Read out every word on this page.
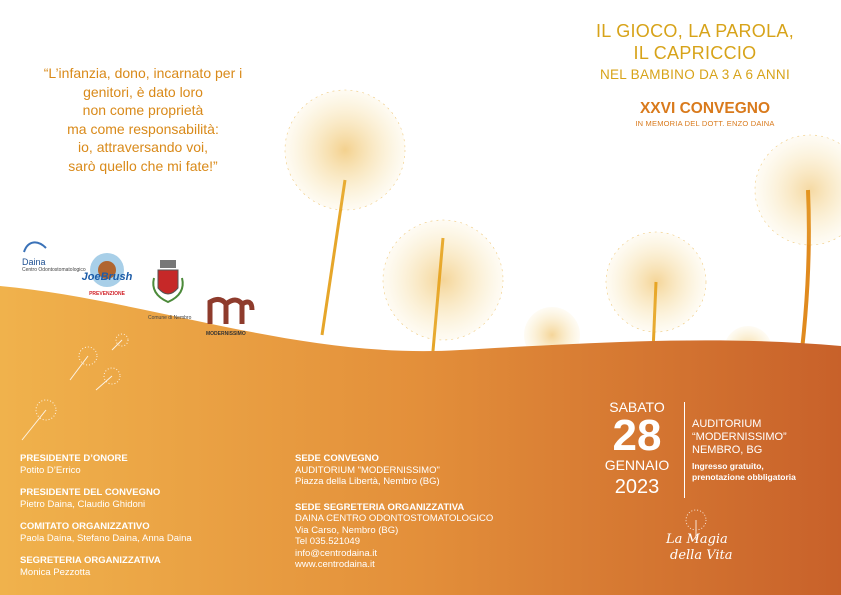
“L’infanzia, dono, incarnato per i
genitori, è dato loro
non come proprietà
ma come responsabilità:
io, attraversando voi,
sarò quello che mi fate!”
IL GIOCO, LA PAROLA,
IL CAPRICCIO
NEL BAMBINO DA 3 A 6 ANNI
XXVI CONVEGNO
IN MEMORIA DEL DOTT. ENZO DAINA
Daina
Centro Odontostomatologico
JoeBrush
PREVENZIONE
Comune di Nembro
MODERNISSIMO
PRESIDENTE D’ONORE
Potito D’Errico
PRESIDENTE DEL CONVEGNO
Pietro Daina, Claudio Ghidoni
COMITATO ORGANIZZATIVO
Paola Daina, Stefano Daina, Anna Daina
SEGRETERIA ORGANIZZATIVA
Monica Pezzotta
SEDE CONVEGNO
AUDITORIUM "MODERNISSIMO"
Piazza della Libertà, Nembro (BG)
SEDE SEGRETERIA ORGANIZZATIVA
DAINA CENTRO ODONTOSTOMATOLOGICO
Via Carso, Nembro (BG)
Tel 035.521049
info@centrodaina.it
www.centrodaina.it
SABATO
28
GENNAIO
2023
AUDITORIUM
“MODERNISSIMO”
NEMBRO, BG
Ingresso gratuito,
prenotazione obbligatoria
La Magia
della Vita
